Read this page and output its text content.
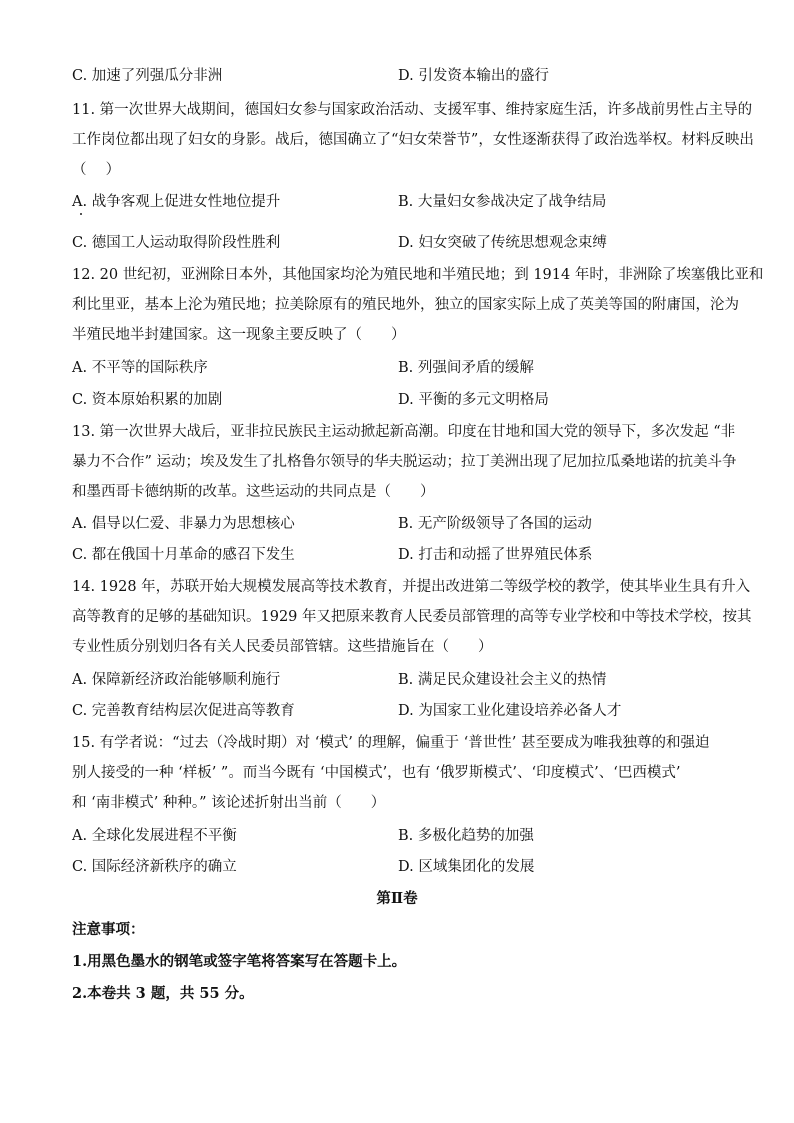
C. 加速了列强瓜分非洲	D. 引发资本输出的盛行
11. 第一次世界大战期间，德国妇女参与国家政治活动、支援军事、维持家庭生活，许多战前男性占主导的
工作岗位都出现了妇女的身影。战后，德国确立了“妇女荣誉节”，女性逐渐获得了政治选举权。材料反映出
（　 ）
A. 战争客观上促进女性地位提升	B. 大量妇女参战决定了战争结局
C. 德国工人运动取得阶段性胜利	D. 妇女突破了传统思想观念束缚
12. 20 世纪初，亚洲除日本外，其他国家均沦为殖民地和半殖民地；到 1914 年时，非洲除了埃塞俄比亚和
利比里亚，基本上沦为殖民地；拉美除原有的殖民地外，独立的国家实际上成了英美等国的附庸国，沦为
半殖民地半封建国家。这一现象主要反映了（　　）
A. 不平等的国际秩序	B. 列强间矛盾的缓解
C. 资本原始积累的加剧	D. 平衡的多元文明格局
13. 第一次世界大战后，亚非拉民族民主运动掀起新高潮。印度在甘地和国大党的领导下，多次发起 “非
暴力不合作” 运动；埃及发生了扎格鲁尔领导的华夫脱运动；拉丁美洲出现了尼加拉瓜桑地诺的抗美斗争
和墨西哥卡德纳斯的改革。这些运动的共同点是（　　）
A. 倡导以仁爱、非暴力为思想核心	B. 无产阶级领导了各国的运动
C. 都在俄国十月革命的感召下发生	D. 打击和动摇了世界殖民体系
14. 1928 年，苏联开始大规模发展高等技术教育，并提出改进第二等级学校的教学，使其毕业生具有升入
高等教育的足够的基础知识。1929 年又把原来教育人民委员部管理的高等专业学校和中等技术学校，按其
专业性质分别划归各有关人民委员部管辖。这些措施旨在（　　）
A. 保障新经济政治能够顺利施行	B. 满足民众建设社会主义的热情
C. 完善教育结构层次促进高等教育	D. 为国家工业化建设培养必备人才
15. 有学者说：“过去（冷战时期）对 ‘模式’ 的理解，偏重于 ‘普世性’ 甚至要成为唯我独尊的和强迫
别人接受的一种 ‘样板’ ”。而当今既有 ‘中国模式’，也有 ‘俄罗斯模式’、‘印度模式’、‘巴西模式’
和 ‘南非模式’ 种种。” 该论述折射出当前（　　）
A. 全球化发展进程不平衡	B. 多极化趋势的加强
C. 国际经济新秩序的确立	D. 区域集团化的发展
第Ⅱ卷
注意事项：
1.用黑色墨水的钢笔或签字笔将答案写在答题卡上。
2.本卷共 3 题，共 55 分。
